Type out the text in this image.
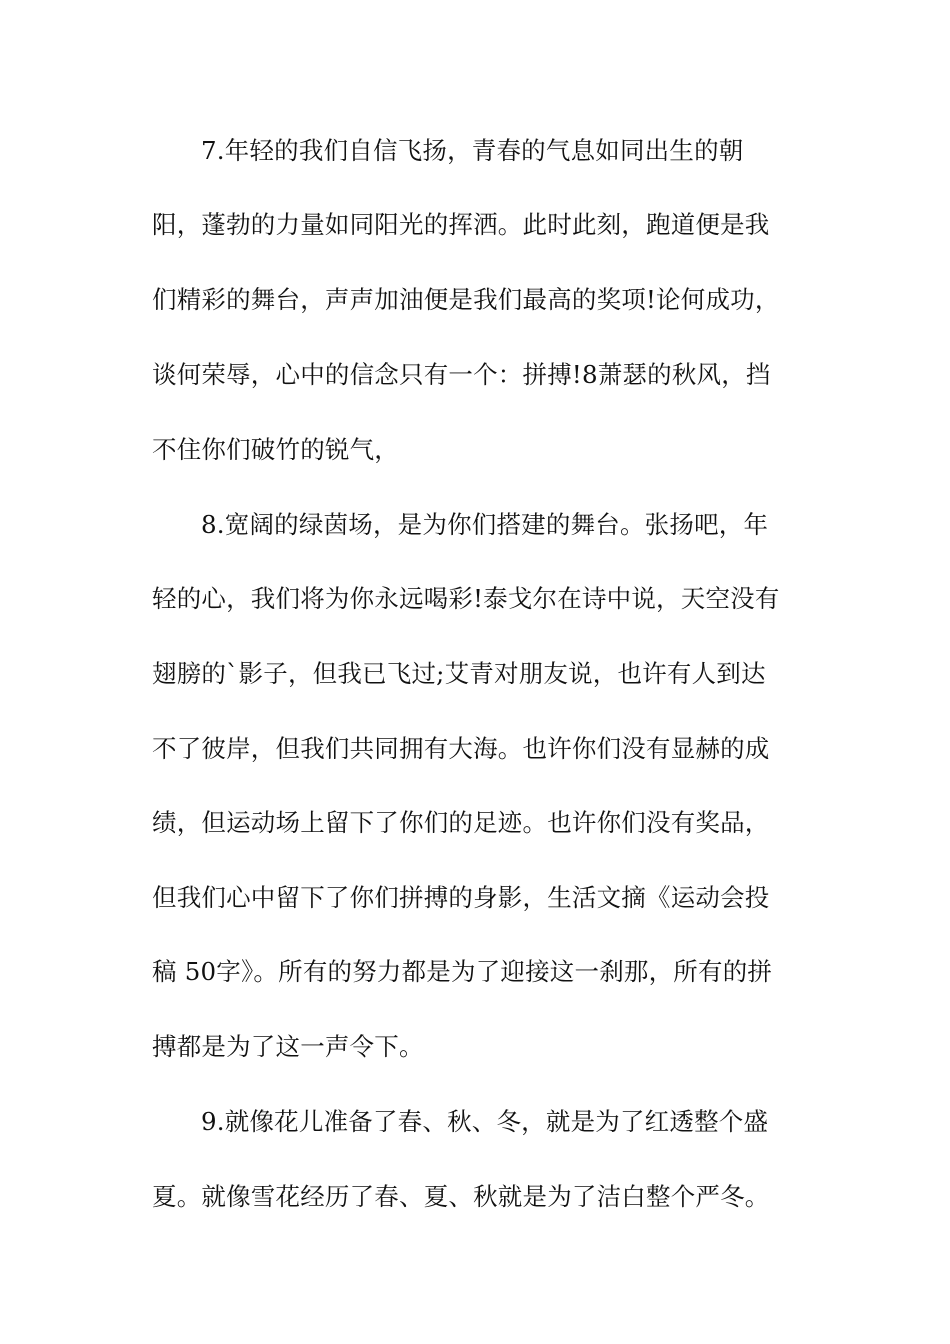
7.年轻的我们自信飞扬，青春的气息如同出生的朝
阳，蓬勃的力量如同阳光的挥洒。此时此刻，跑道便是我
们精彩的舞台，声声加油便是我们最高的奖项!论何成功，
谈何荣辱，心中的信念只有一个：拼搏!8萧瑟的秋风，挡
不住你们破竹的锐气，
8.宽阔的绿茵场，是为你们搭建的舞台。张扬吧，年
轻的心，我们将为你永远喝彩!泰戈尔在诗中说，天空没有
翅膀的`影子，但我已飞过;艾青对朋友说，也许有人到达
不了彼岸，但我们共同拥有大海。也许你们没有显赫的成
绩，但运动场上留下了你们的足迹。也许你们没有奖品，
但我们心中留下了你们拼搏的身影，生活文摘《运动会投
稿 50字》。所有的努力都是为了迎接这一刹那，所有的拼
搏都是为了这一声令下。
9.就像花儿准备了春、秋、冬，就是为了红透整个盛
夏。就像雪花经历了春、夏、秋就是为了洁白整个严冬。
